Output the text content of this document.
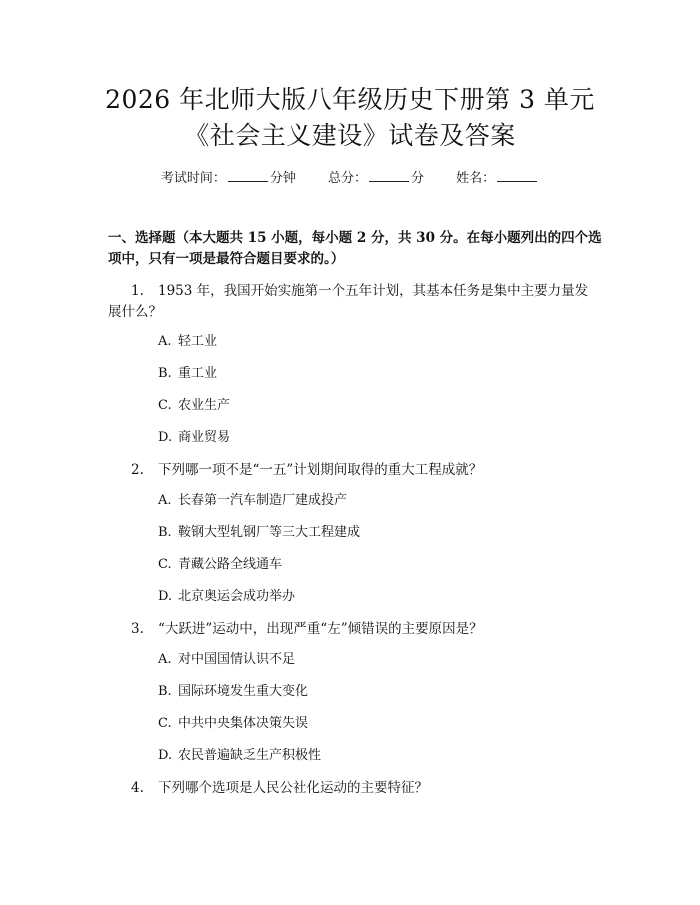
2026 年北师大版八年级历史下册第 3 单元
《社会主义建设》试卷及答案
考试时间：	分钟 总分：	分 姓名：
一、选择题（本大题共 15 小题，每小题 2 分，共 30 分。在每小题列出的四个选
项中，只有一项是最符合题目要求的。）
1. 1953 年，我国开始实施第一个五年计划，其基本任务是集中主要力量发
展什么？
A. 轻工业
B. 重工业
C. 农业生产
D. 商业贸易
2. 下列哪一项不是“一五”计划期间取得的重大工程成就？
A. 长春第一汽车制造厂建成投产
B. 鞍钢大型轧钢厂等三大工程建成
C. 青藏公路全线通车
D. 北京奥运会成功举办
3. “大跃进”运动中，出现严重“左”倾错误的主要原因是？
A. 对中国国情认识不足
B. 国际环境发生重大变化
C. 中共中央集体决策失误
D. 农民普遍缺乏生产积极性
4. 下列哪个选项是人民公社化运动的主要特征？
